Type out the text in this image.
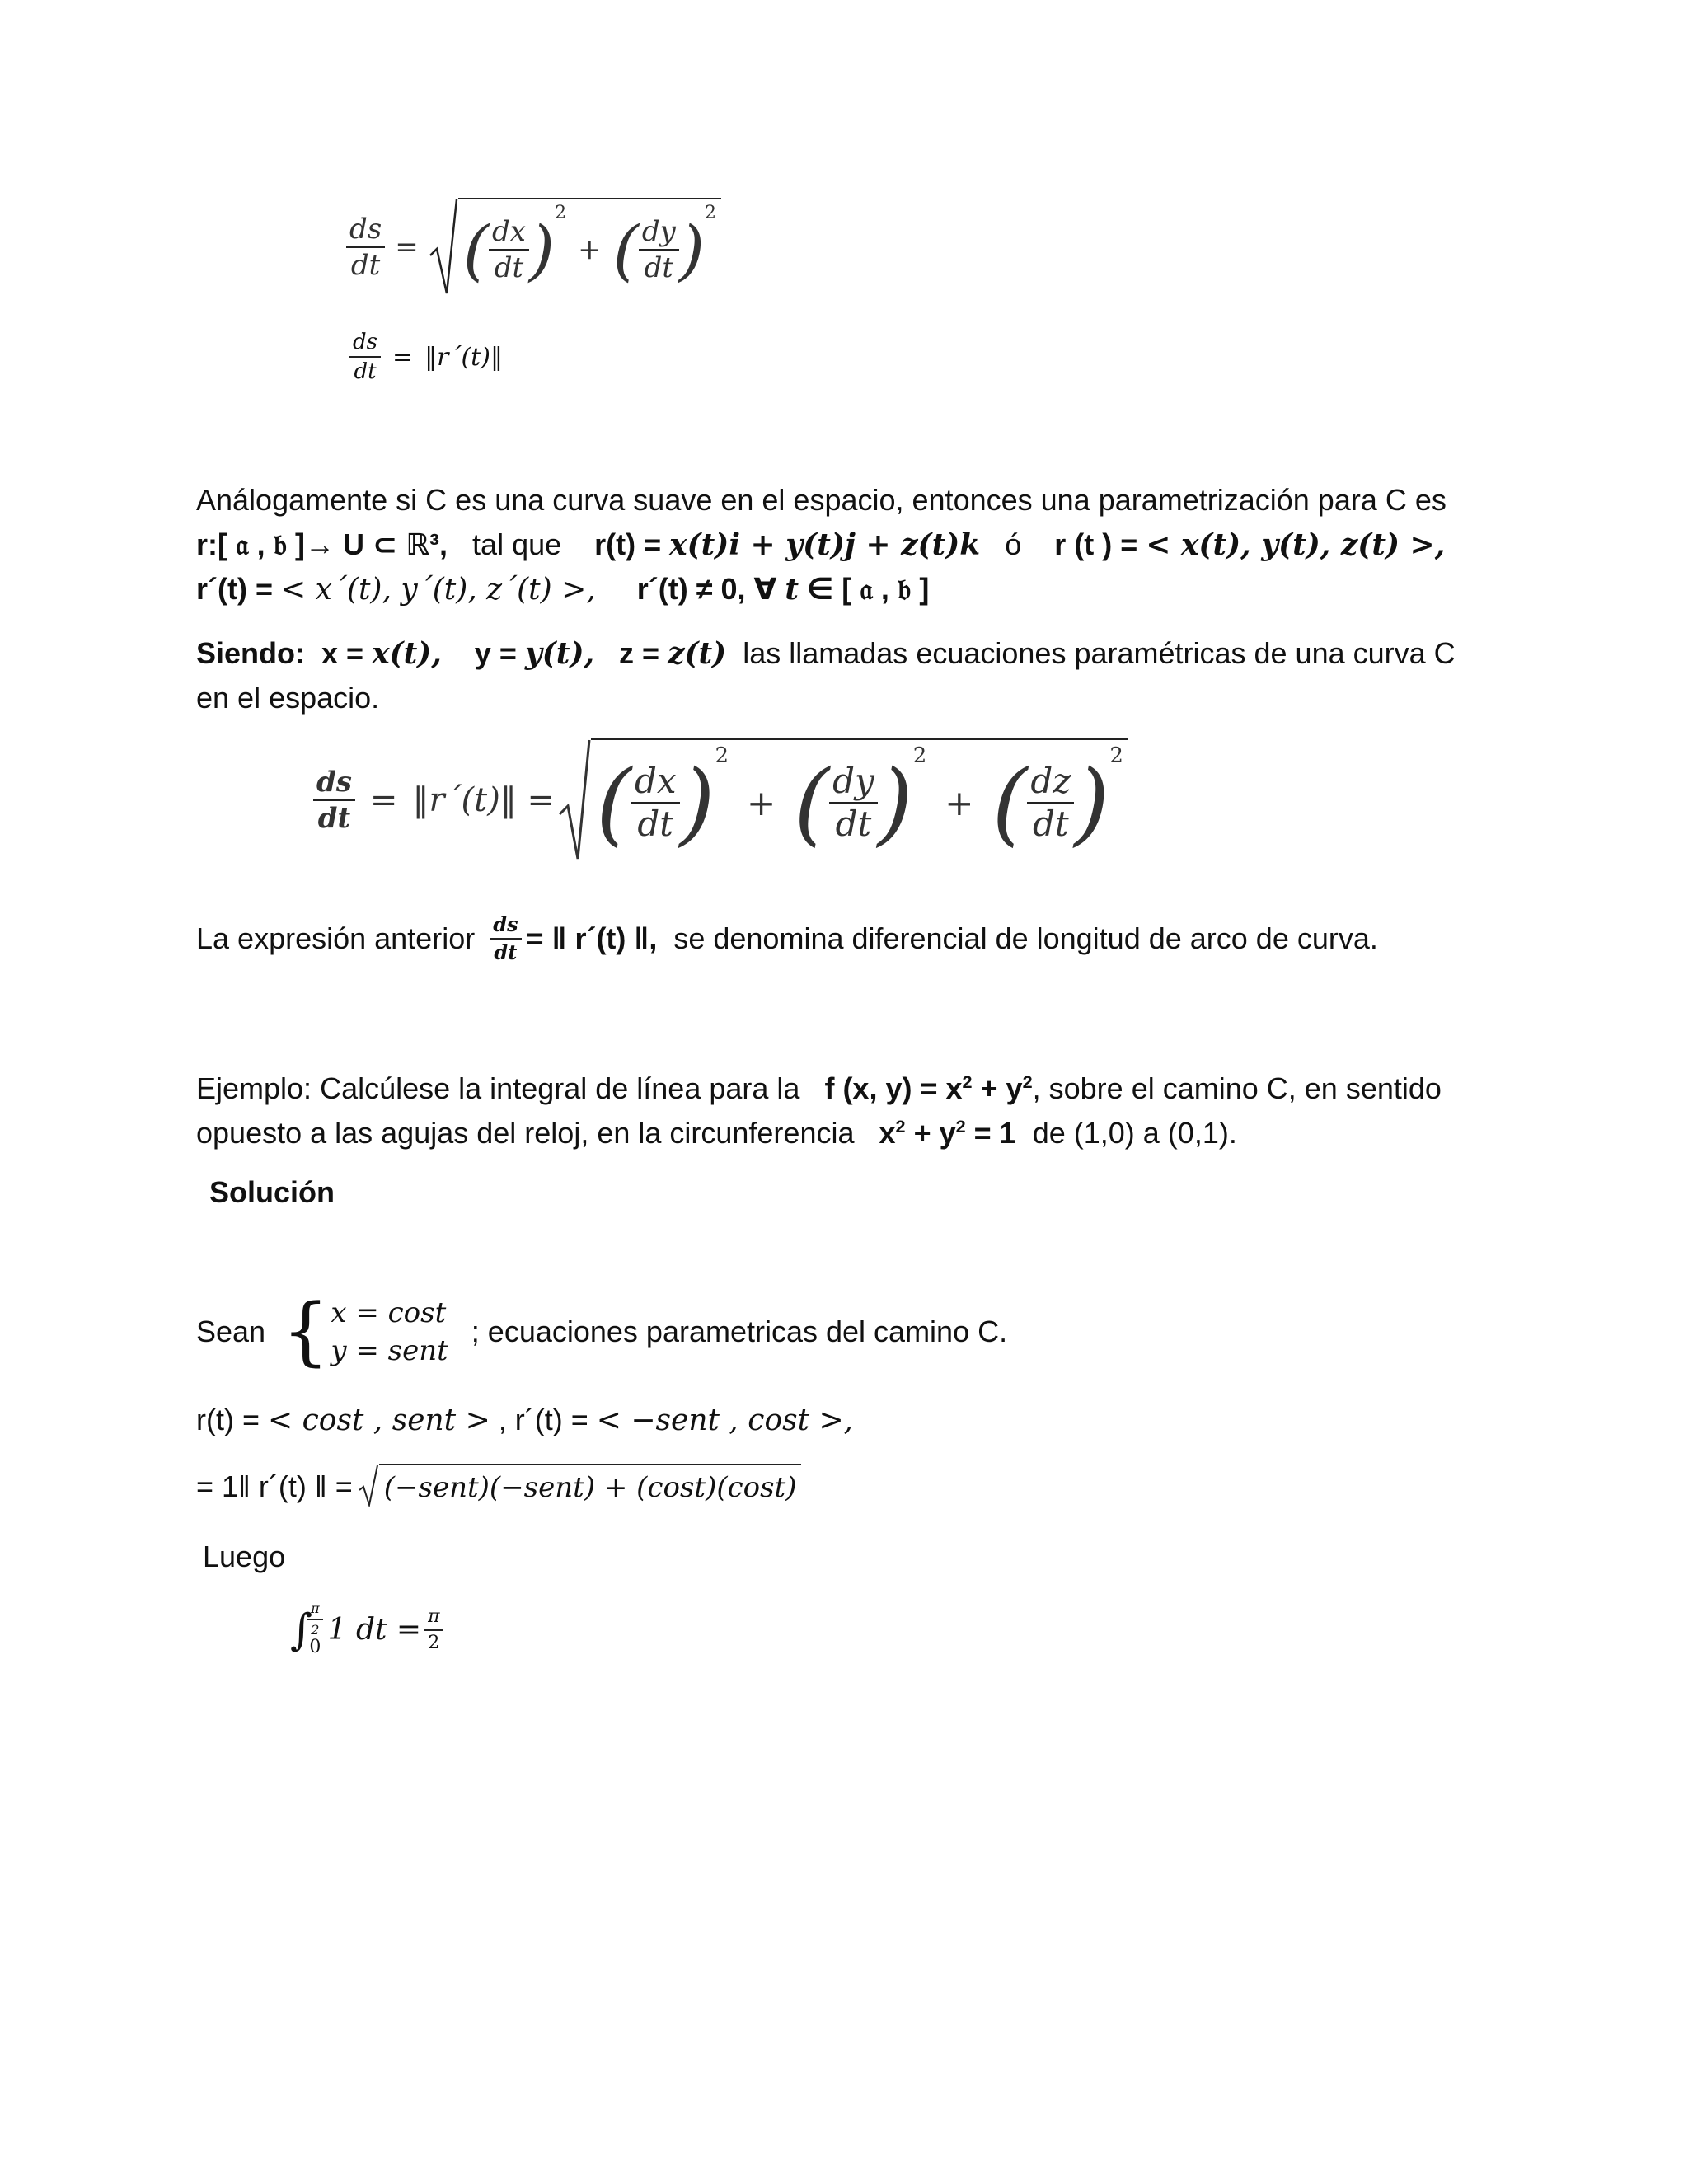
$\frac{ds}{dt}$ = ( $\frac{dx}{dt}$ ) 2
+ ( $\frac{dy}{dt}$ ) 2
$\frac{ds}{dt}$ = ‖r´(t)‖
Análogamente si C es una curva suave en el espacio, entonces una parametrización para C es
r:[ 𝔞 , 𝔟 ]→ U ⊂ ℝ³, tal que r(t) = x(t)i + y(t)j + z(t)k ó r (t ) = < x(t), y(t), z(t) >,
r´(t) = < x´(t), y´(t), z´(t) >, r´(t) ≠ 0, ∀ t ∈ [ 𝔞 , 𝔟 ]
Siendo: x = x(t), y = y(t), z = z(t) las llamadas ecuaciones paramétricas de una curva C
en el espacio.
$\frac{ds}{dt}$ = ‖r´(t)‖ = ( $\frac{dx}{dt}$ ) 2
+ ( $\frac{dy}{dt}$ ) 2
+ ( $\frac{dz}{dt}$ ) 2
La expresión anterior $\frac{ds}{dt}$ = ‖ r´(t) ‖,
se denomina diferencial de longitud de arco de curva.
Ejemplo: Calcúlese la integral de línea para la f (x, $y) = x^2 + y^2$, sobre el camino C, en sentido
opuesto a las agujas del reloj, en la circunferencia $x^2 + y^2 = 1$ de (1,0) a (0,1).
Solución
Sean { x = cost
y = sent
; ecuaciones parametricas del camino C.
r(t) = < cost , sent > , r´(t) = < −sent , cost >,
= 1‖ r´(t) ‖ = (−sent)(−sent) + (cost)(cost)
Luego
∫
$\frac{\pi}{2}$
0
1 dt = $\frac{\pi}{2}$
